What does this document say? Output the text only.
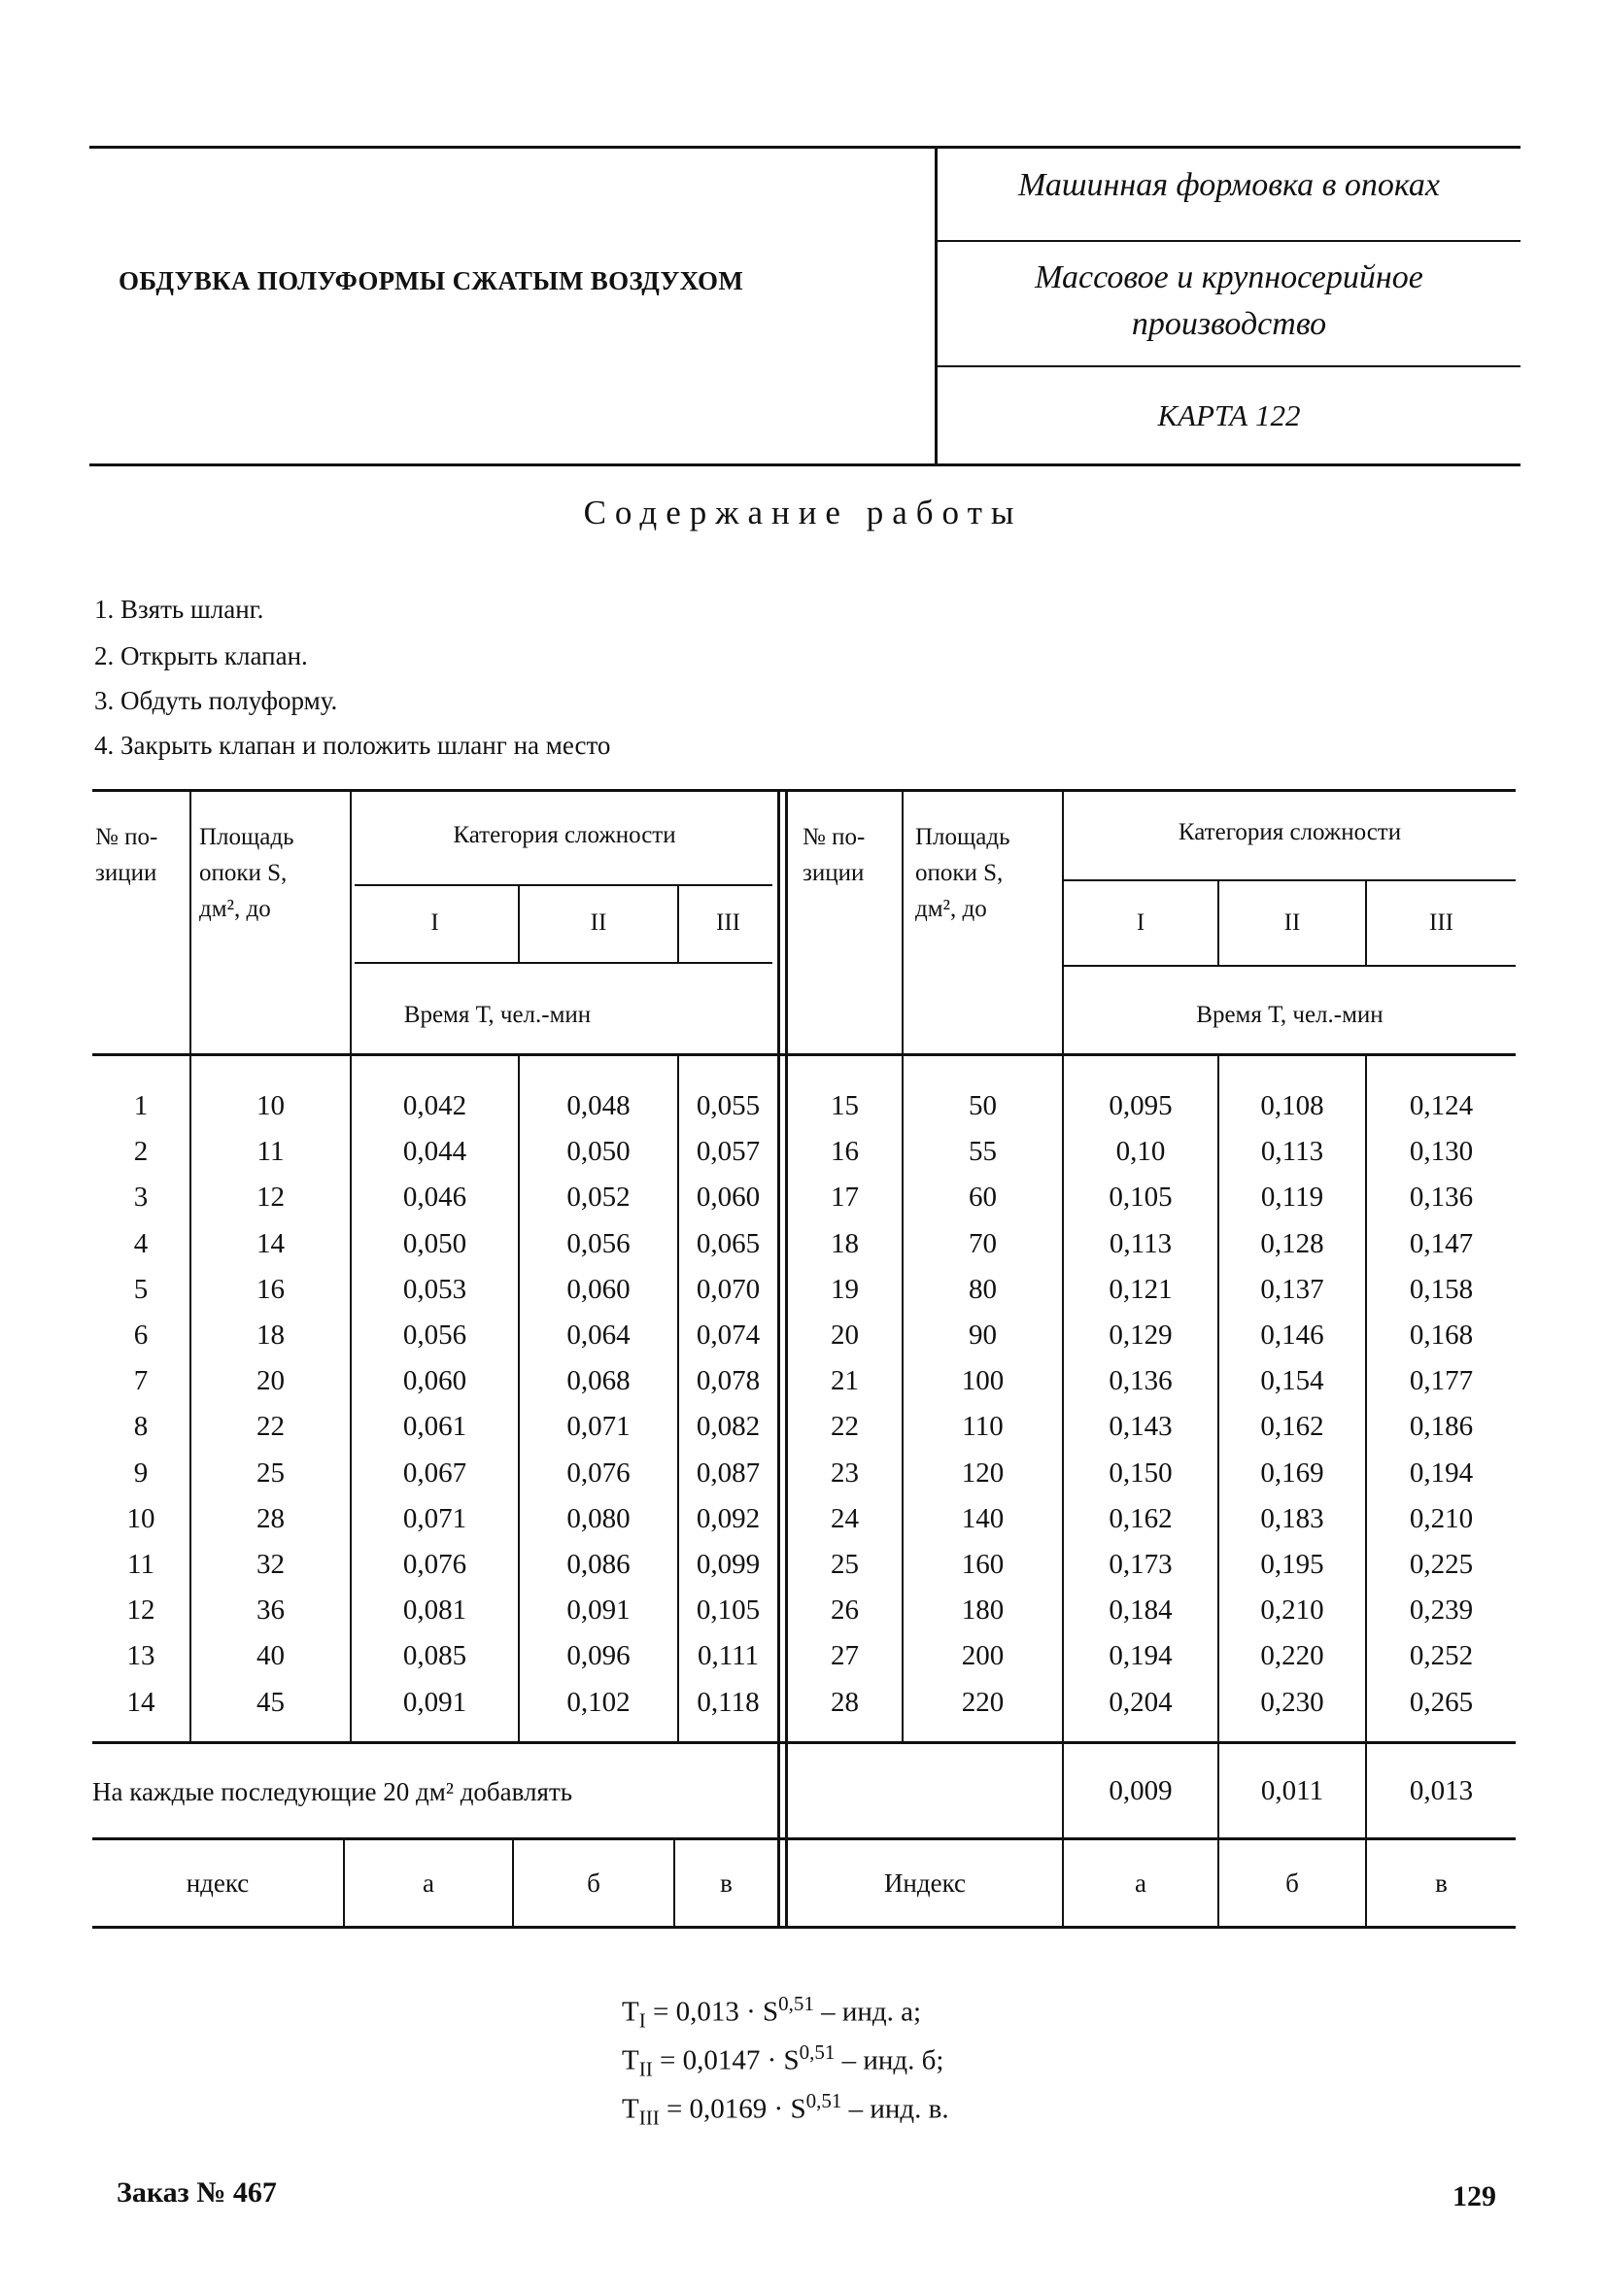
ОБДУВКА ПОЛУФОРМЫ СЖАТЫМ ВОЗДУХОМ
Машинная формовка в опоках
Массовое и крупносерийное
производство
КАРТА 122
Содержание работы
1. Взять шланг.
2. Открыть клапан.
3. Обдуть полуформу.
4. Закрыть клапан и положить шланг на место
№ по-
зиции
Площадь
опоки S,
дм², до
Категория сложности
I	II	III
Время Т, чел.-мин
№ по-
зиции
Площадь
опоки S,
дм², до
Категория сложности
I	II	III
Время Т, чел.-мин
1	10	0,042	0,048	0,055
2	11	0,044	0,050	0,057
3	12	0,046	0,052	0,060
4	14	0,050	0,056	0,065
5	16	0,053	0,060	0,070
6	18	0,056	0,064	0,074
7	20	0,060	0,068	0,078
8	22	0,061	0,071	0,082
9	25	0,067	0,076	0,087
10	28	0,071	0,080	0,092
11	32	0,076	0,086	0,099
12	36	0,081	0,091	0,105
13	40	0,085	0,096	0,111
14	45	0,091	0,102	0,118
15	50	0,095	0,108	0,124
16	55	0,10	0,113	0,130
17	60	0,105	0,119	0,136
18	70	0,113	0,128	0,147
19	80	0,121	0,137	0,158
20	90	0,129	0,146	0,168
21	100	0,136	0,154	0,177
22	110	0,143	0,162	0,186
23	120	0,150	0,169	0,194
24	140	0,162	0,183	0,210
25	160	0,173	0,195	0,225
26	180	0,184	0,210	0,239
27	200	0,194	0,220	0,252
28	220	0,204	0,230	0,265
На каждые последующие 20 дм² добавлять	0,009	0,011	0,013
ндекс	а	б	в	Индекс	а	б	в
$T_I = 0,013 \cdot S^{0,51}$ – инд. а;
$T_{II} = 0,0147 \cdot S^{0,51}$ – инд. б;
$T_{III} = 0,0169 \cdot S^{0,51}$ – инд. в.
Заказ № 467	129
